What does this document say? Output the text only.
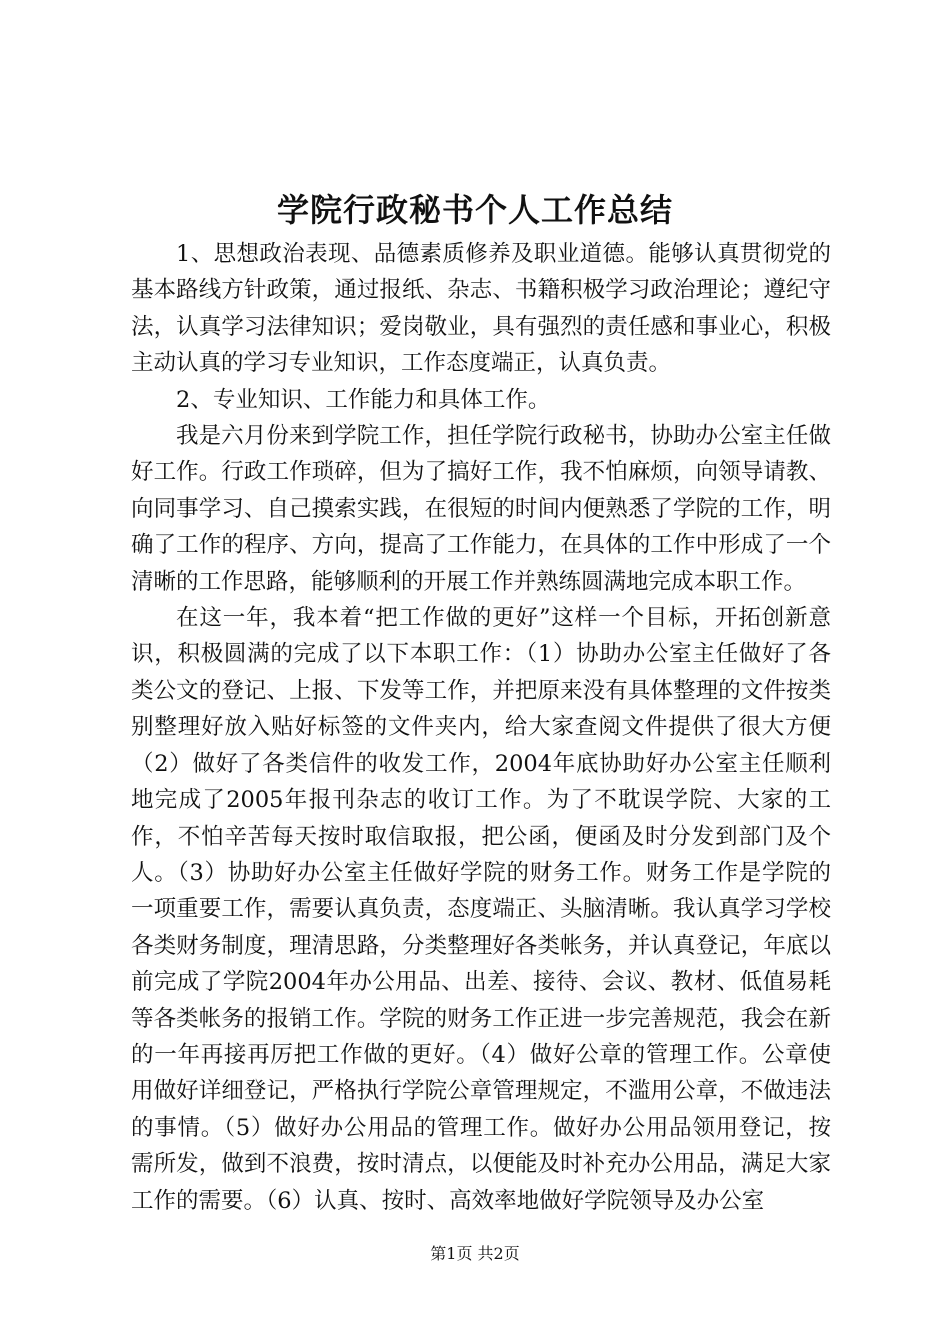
学院行政秘书个人工作总结

1、思想政治表现、品德素质修养及职业道德。能够认真贯彻党的基本路线方针政策，通过报纸、杂志、书籍积极学习政治理论；遵纪守法，认真学习法律知识；爱岗敬业，具有强烈的责任感和事业心，积极主动认真的学习专业知识，工作态度端正，认真负责。

2、专业知识、工作能力和具体工作。

我是六月份来到学院工作，担任学院行政秘书，协助办公室主任做好工作。行政工作琐碎，但为了搞好工作，我不怕麻烦，向领导请教、向同事学习、自己摸索实践，在很短的时间内便熟悉了学院的工作，明确了工作的程序、方向，提高了工作能力，在具体的工作中形成了一个清晰的工作思路，能够顺利的开展工作并熟练圆满地完成本职工作。

在这一年，我本着“把工作做的更好”这样一个目标，开拓创新意识，积极圆满的完成了以下本职工作：（1）协助办公室主任做好了各类公文的登记、上报、下发等工作，并把原来没有具体整理的文件按类别整理好放入贴好标签的文件夹内，给大家查阅文件提供了很大方便（2）做好了各类信件的收发工作，2004年底协助好办公室主任顺利地完成了2005年报刊杂志的收订工作。为了不耽误学院、大家的工作，不怕辛苦每天按时取信取报，把公函，便函及时分发到部门及个人。（3）协助好办公室主任做好学院的财务工作。财务工作是学院的一项重要工作，需要认真负责，态度端正、头脑清晰。我认真学习学校各类财务制度，理清思路，分类整理好各类帐务，并认真登记，年底以前完成了学院2004年办公用品、出差、接待、会议、教材、低值易耗等各类帐务的报销工作。学院的财务工作正进一步完善规范，我会在新的一年再接再厉把工作做的更好。（4）做好公章的管理工作。公章使用做好详细登记，严格执行学院公章管理规定，不滥用公章，不做违法的事情。（5）做好办公用品的管理工作。做好办公用品领用登记，按需所发，做到不浪费，按时清点，以便能及时补充办公用品，满足大家工作的需要。（6）认真、按时、高效率地做好学院领导及办公室

第1页 共2页
